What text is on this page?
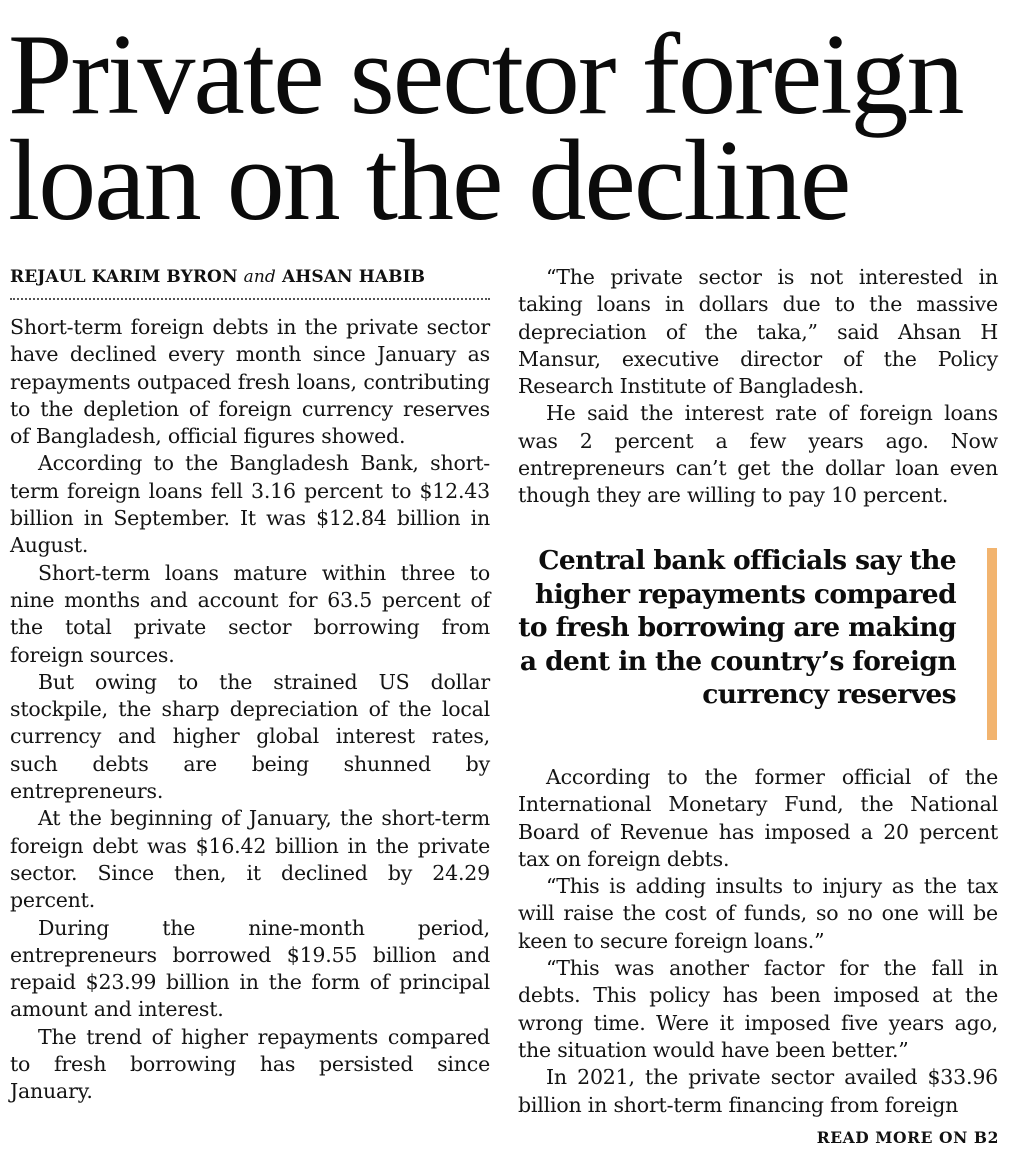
Private sector foreign
loan on the decline
REJAUL KARIM BYRON and AHSAN HABIB

Short-term foreign debts in the private sector have declined every month since January as repayments outpaced fresh loans, contributing to the depletion of foreign currency reserves of Bangladesh, official figures showed.

According to the Bangladesh Bank, short-term foreign loans fell 3.16 percent to $12.43 billion in September. It was $12.84 billion in August.

Short-term loans mature within three to nine months and account for 63.5 percent of the total private sector borrowing from foreign sources.

But owing to the strained US dollar stockpile, the sharp depreciation of the local currency and higher global interest rates, such debts are being shunned by entrepreneurs.

At the beginning of January, the short-term foreign debt was $16.42 billion in the private sector. Since then, it declined by 24.29 percent.

During the nine-month period, entrepreneurs borrowed $19.55 billion and repaid $23.99 billion in the form of principal amount and interest.

The trend of higher repayments compared to fresh borrowing has persisted since January.

“The private sector is not interested in taking loans in dollars due to the massive depreciation of the taka,” said Ahsan H Mansur, executive director of the Policy Research Institute of Bangladesh.

He said the interest rate of foreign loans was 2 percent a few years ago. Now entrepreneurs can’t get the dollar loan even though they are willing to pay 10 percent.

Central bank officials say the higher repayments compared to fresh borrowing are making a dent in the country’s foreign currency reserves

According to the former official of the International Monetary Fund, the National Board of Revenue has imposed a 20 percent tax on foreign debts.

“This is adding insults to injury as the tax will raise the cost of funds, so no one will be keen to secure foreign loans.”

“This was another factor for the fall in debts. This policy has been imposed at the wrong time. Were it imposed five years ago, the situation would have been better.”

In 2021, the private sector availed $33.96 billion in short-term financing from foreign

READ MORE ON B2
